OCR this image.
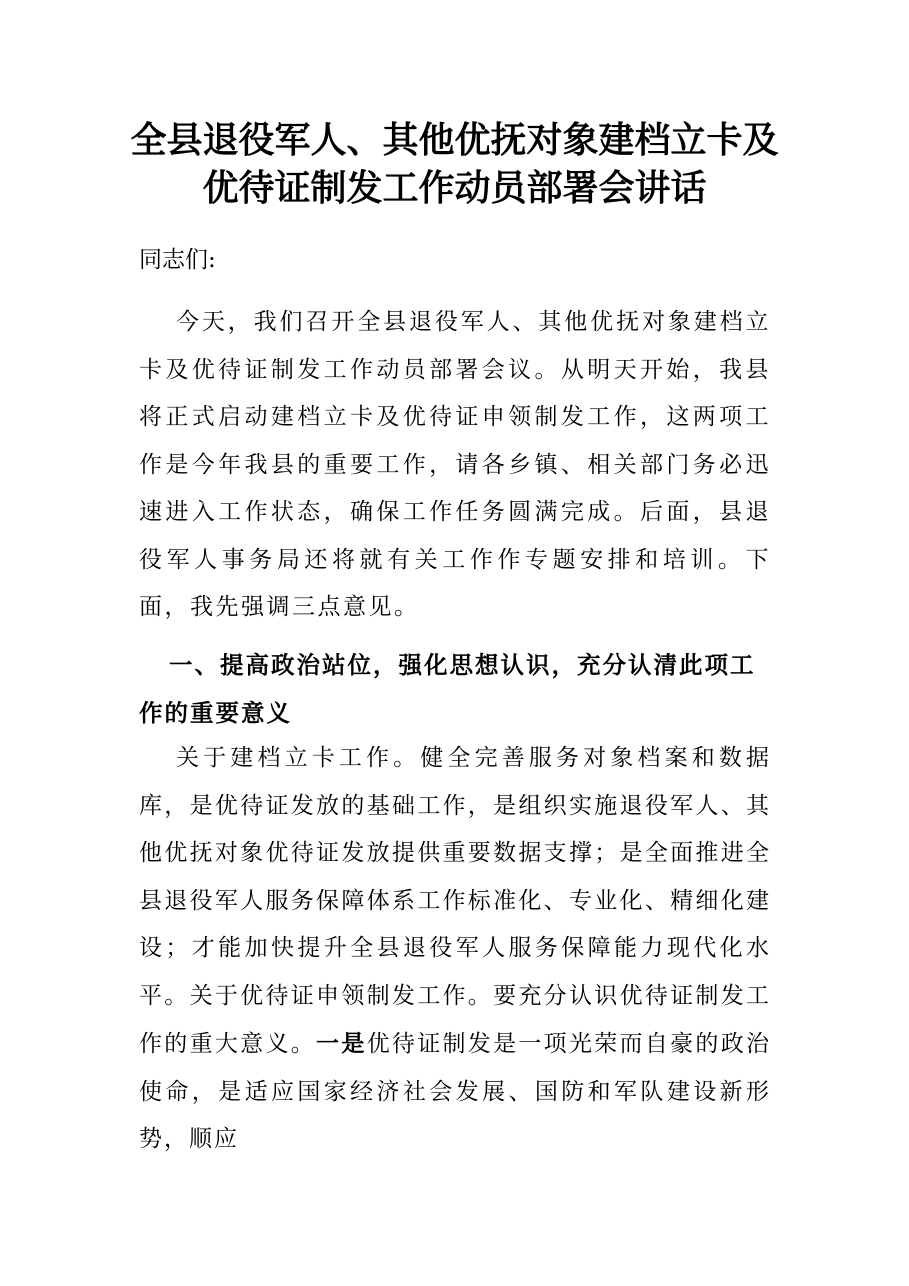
全县退役军人、其他优抚对象建档立卡及
优待证制发工作动员部署会讲话

同志们:

今天，我们召开全县退役军人、其他优抚对象建档立卡及优待证制发工作动员部署会议。从明天开始，我县将正式启动建档立卡及优待证申领制发工作，这两项工作是今年我县的重要工作，请各乡镇、相关部门务必迅速进入工作状态，确保工作任务圆满完成。后面，县退役军人事务局还将就有关工作作专题安排和培训。下面，我先强调三点意见。

一、提高政治站位，强化思想认识，充分认清此项工作的重要意义

关于建档立卡工作。健全完善服务对象档案和数据库，是优待证发放的基础工作，是组织实施退役军人、其他优抚对象优待证发放提供重要数据支撑；是全面推进全县退役军人服务保障体系工作标准化、专业化、精细化建设；才能加快提升全县退役军人服务保障能力现代化水平。关于优待证申领制发工作。要充分认识优待证制发工作的重大意义。一是优待证制发是一项光荣而自豪的政治使命，是适应国家经济社会发展、国防和军队建设新形势，顺应
